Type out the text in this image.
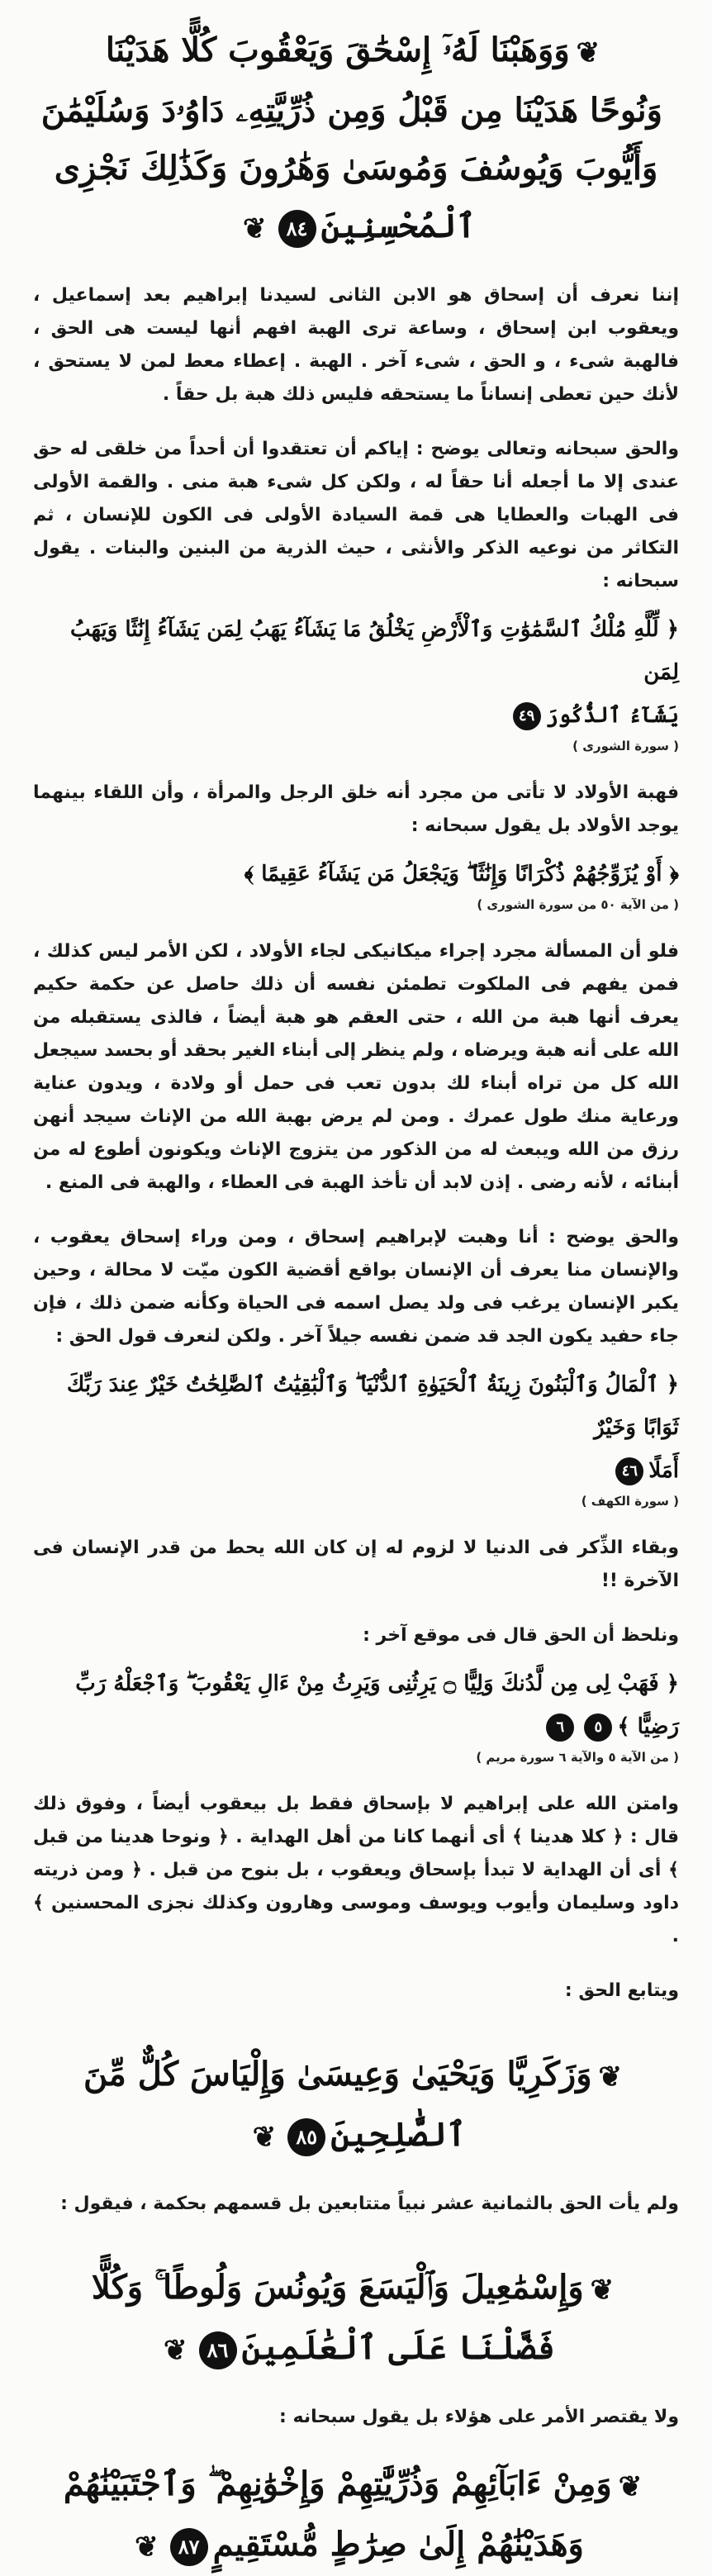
❦وَوَهَبْنَا لَهُۥٓ إِسْحَٰقَ وَيَعْقُوبَ كُلًّا هَدَيْنَا
وَنُوحًا هَدَيْنَا مِن قَبْلُ وَمِن ذُرِّيَّتِهِۦ دَاوُۥدَ وَسُلَيْمَٰنَ
وَأَيُّوبَ وَيُوسُفَ وَمُوسَىٰ وَهَٰرُونَ وَكَذَٰلِكَ نَجْزِى
ٱلْمُحْسِنِينَ٨٤❦
إننا نعرف أن إسحاق هو الابن الثانى لسيدنا إبراهيم بعد إسماعيل ، ويعقوب ابن إسحاق ، وساعة ترى الهبة افهم أنها ليست هى الحق ، فالهبة شىء ، و الحق ، شىء آخر . الهبة . إعطاء معط لمن لا يستحق ، لأنك حين تعطى إنساناً ما يستحقه فليس ذلك هبة بل حقاً .
والحق سبحانه وتعالى يوضح : إياكم أن تعتقدوا أن أحداً من خلقى له حق عندى إلا ما أجعله أنا حقاً له ، ولكن كل شىء هبة منى . والقمة الأولى فى الهبات والعطايا هى قمة السيادة الأولى فى الكون للإنسان ، ثم التكاثر من نوعيه الذكر والأنثى ، حيث الذرية من البنين والبنات . يقول سبحانه :
﴿ لِّلَّهِ مُلْكُ ٱلسَّمَٰوَٰتِ وَٱلْأَرْضِ يَخْلُقُ مَا يَشَآءُ يَهَبُ لِمَن يَشَآءُ إِنَٰثًا وَيَهَبُ لِمَن
يَشَآءُ ٱلذُّكُورَ٤٩
( سورة الشورى )
فهبة الأولاد لا تأتى من مجرد أنه خلق الرجل والمرأة ، وأن اللقاء بينهما يوجد الأولاد بل يقول سبحانه :
﴿ أَوْ يُزَوِّجُهُمْ ذُكْرَانًا وَإِنَٰثًا ۖ وَيَجْعَلُ مَن يَشَآءُ عَقِيمًا ﴾
( من الآية ٥٠ من سورة الشورى )
فلو أن المسألة مجرد إجراء ميكانيكى لجاء الأولاد ، لكن الأمر ليس كذلك ، فمن يفهم فى الملكوت تطمئن نفسه أن ذلك حاصل عن حكمة حكيم يعرف أنها هبة من الله ، حتى العقم هو هبة أيضاً ، فالذى يستقبله من الله على أنه هبة ويرضاه ، ولم ينظر إلى أبناء الغير بحقد أو بحسد سيجعل الله كل من تراه أبناء لك بدون تعب فى حمل أو ولادة ، ويدون عناية ورعاية منك طول عمرك . ومن لم يرض بهبة الله من الإناث سيجد أنهن رزق من الله ويبعث له من الذكور من يتزوج الإناث ويكونون أطوع له من أبنائه ، لأنه رضى . إذن لابد أن تأخذ الهبة فى العطاء ، والهبة فى المنع .
والحق يوضح : أنا وهبت لإبراهيم إسحاق ، ومن وراء إسحاق يعقوب ، والإنسان منا يعرف أن الإنسان بواقع أقضية الكون ميّت لا محالة ، وحين يكبر الإنسان يرغب فى ولد يصل اسمه فى الحياة وكأنه ضمن ذلك ، فإن جاء حفيد يكون الجد قد ضمن نفسه جيلاً آخر . ولكن لنعرف قول الحق :
﴿ ٱلْمَالُ وَٱلْبَنُونَ زِينَةُ ٱلْحَيَوٰةِ ٱلدُّنْيَا ۖ وَٱلْبَٰقِيَٰتُ ٱلصَّٰلِحَٰتُ خَيْرٌ عِندَ رَبِّكَ ثَوَابًا وَخَيْرٌ
أَمَلًا٤٦
( سورة الكهف )
وبقاء الذِّكر فى الدنيا لا لزوم له إن كان الله يحط من قدر الإنسان فى الآخرة !!
ونلحظ أن الحق قال فى موقع آخر :
﴿ فَهَبْ لِى مِن لَّدُنكَ وَلِيًّا ۝ يَرِثُنِى وَيَرِثُ مِنْ ءَالِ يَعْقُوبَ ۖ وَٱجْعَلْهُ رَبِّ رَضِيًّا ﴾٥٦
( من الآية ٥ والآية ٦ سورة مريم )
وامتن الله على إبراهيم لا بإسحاق فقط بل بيعقوب أيضاً ، وفوق ذلك قال : ﴿ كلا هدينا ﴾ أى أنهما كانا من أهل الهداية . ﴿ ونوحا هدينا من قبل ﴾ أى أن الهداية لا تبدأ بإسحاق ويعقوب ، بل بنوح من قبل . ﴿ ومن ذريته داود وسليمان وأيوب ويوسف وموسى وهارون وكذلك نجزى المحسنين ﴾ .
ويتابع الحق :
❦وَزَكَرِيَّا وَيَحْيَىٰ وَعِيسَىٰ وَإِلْيَاسَ كُلٌّ مِّنَ
ٱلصَّٰلِحِينَ٨٥❦
ولم يأت الحق بالثمانية عشر نبياً متتابعين بل قسمهم بحكمة ، فيقول :
❦وَإِسْمَٰعِيلَ وَٱلْيَسَعَ وَيُونُسَ وَلُوطًا ۚ وَكُلًّا
فَضَّلْنَا عَلَى ٱلْعَٰلَمِينَ٨٦❦
ولا يقتصر الأمر على هؤلاء بل يقول سبحانه :
❦وَمِنْ ءَابَآئِهِمْ وَذُرِّيَّٰتِهِمْ وَإِخْوَٰنِهِمْ ۖ وَٱجْتَبَيْنَٰهُمْ
وَهَدَيْنَٰهُمْ إِلَىٰ صِرَٰطٍ مُّسْتَقِيمٍ٨٧❦
